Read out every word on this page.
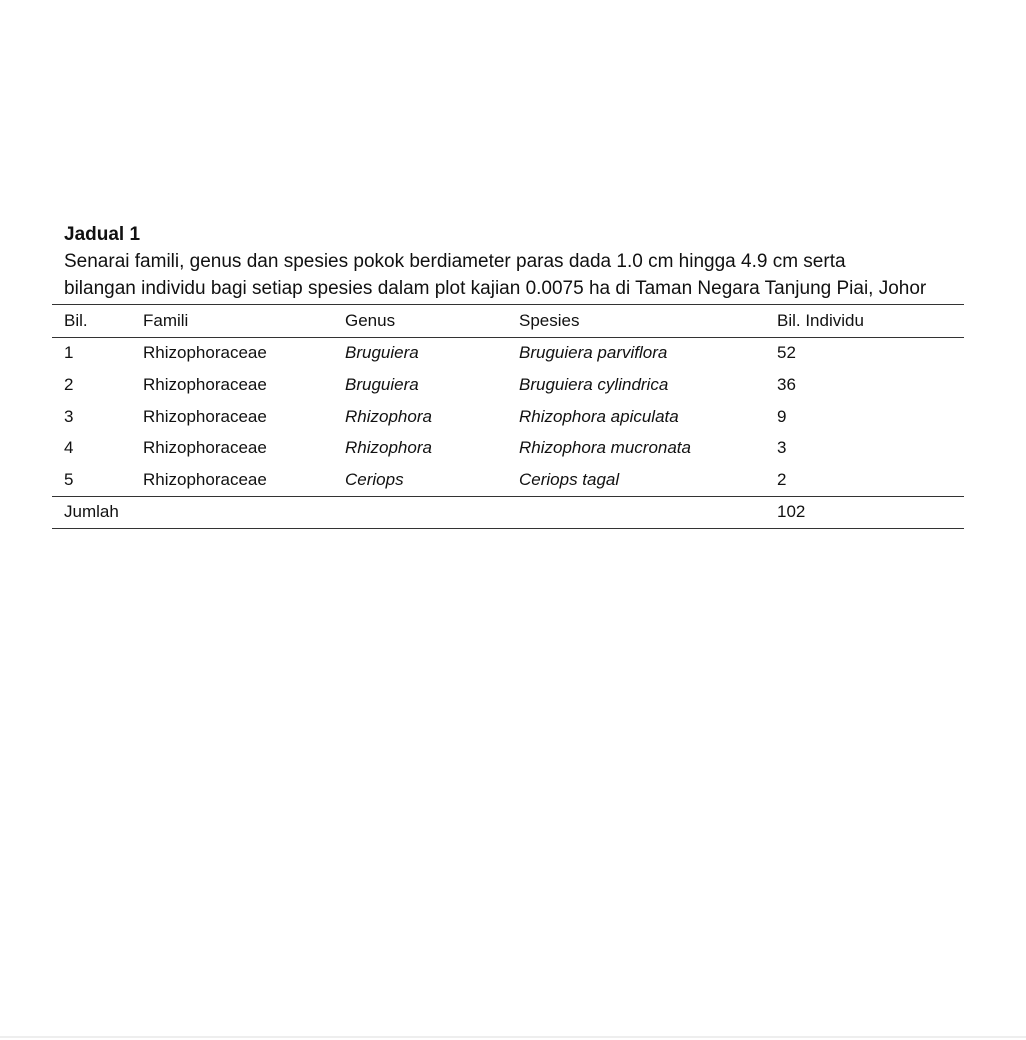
Jadual 1
Senarai famili, genus dan spesies pokok berdiameter paras dada 1.0 cm hingga 4.9 cm serta
bilangan individu bagi setiap spesies dalam plot kajian 0.0075 ha di Taman Negara Tanjung Piai, Johor
Bil.	Famili	Genus	Spesies	Bil. Individu
1	Rhizophoraceae	Bruguiera	Bruguiera parviflora	52
2	Rhizophoraceae	Bruguiera	Bruguiera cylindrica	36
3	Rhizophoraceae	Rhizophora	Rhizophora apiculata	9
4	Rhizophoraceae	Rhizophora	Rhizophora mucronata	3
5	Rhizophoraceae	Ceriops	Ceriops tagal	2
Jumlah				102
